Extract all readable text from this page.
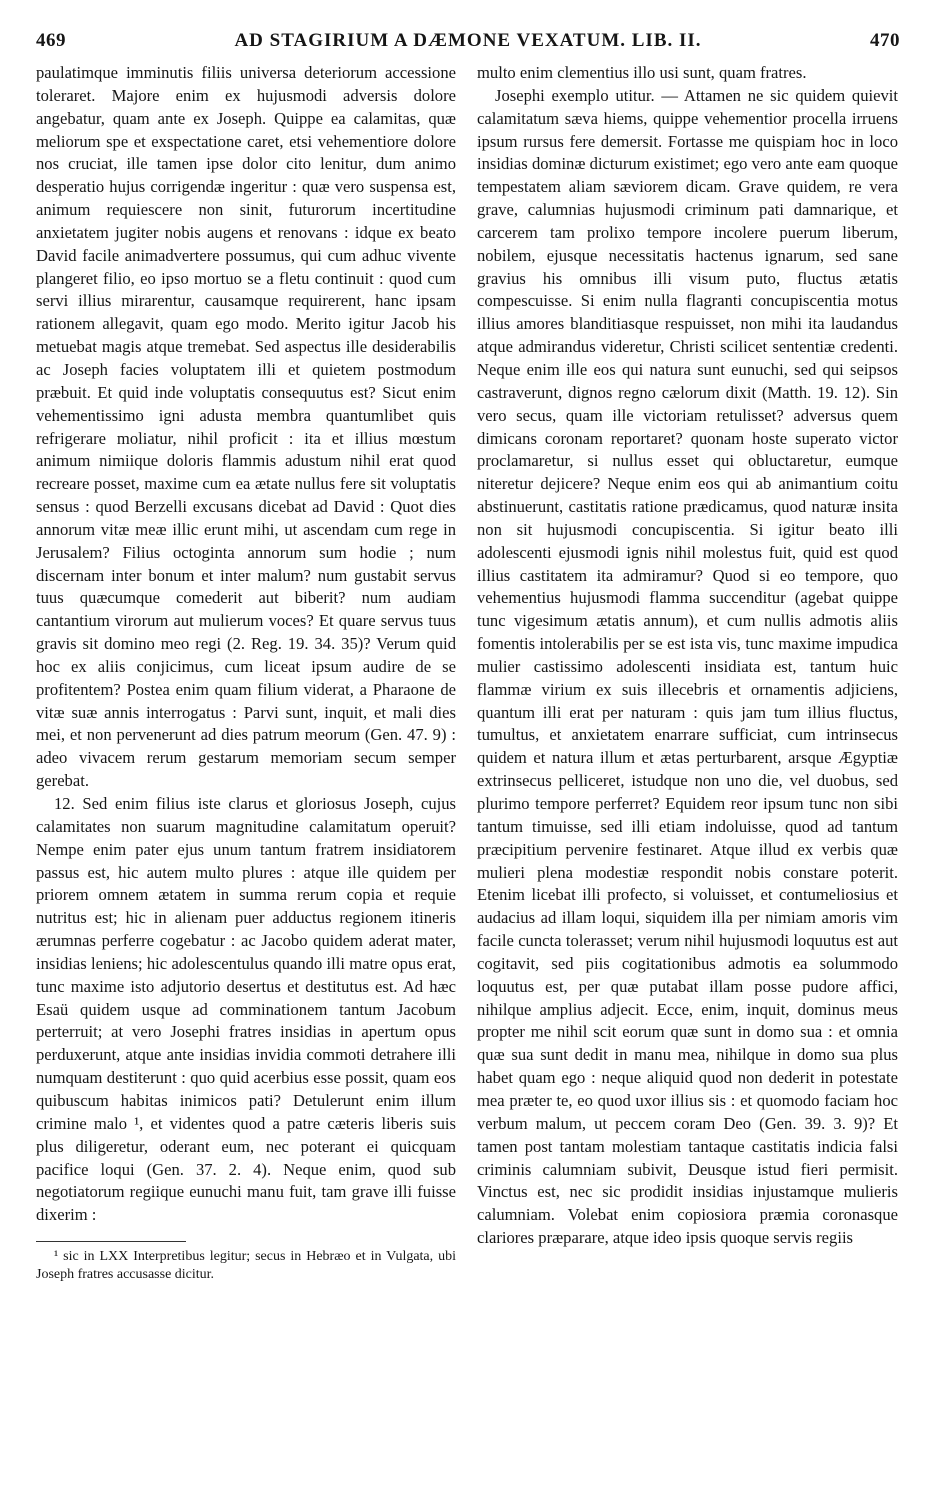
469	AD STAGIRIUM A DÆMONE VEXATUM. LIB. II.	470

paulatimque imminutis filiis universa deteriorum accessione toleraret. Majore enim ex hujusmodi adversis dolore angebatur, quam ante ex Joseph. Quippe ea calamitas, quæ meliorum spe et exspectatione caret, etsi vehementiore dolore nos cruciat, ille tamen ipse dolor cito lenitur, dum animo desperatio hujus corrigendæ ingeritur : quæ vero suspensa est, animum requiescere non sinit, futurorum incertitudine anxietatem jugiter nobis augens et renovans : idque ex beato David facile animadvertere possumus, qui cum adhuc vivente plangeret filio, eo ipso mortuo se a fletu continuit : quod cum servi illius mirarentur, causamque requirerent, hanc ipsam rationem allegavit, quam ego modo. Merito igitur Jacob his metuebat magis atque tremebat. Sed aspectus ille desiderabilis ac Joseph facies voluptatem illi et quietem postmodum præbuit. Et quid inde voluptatis consequutus est? Sicut enim vehementissimo igni adusta membra quantumlibet quis refrigerare moliatur, nihil proficit : ita et illius mœstum animum nimiique doloris flammis adustum nihil erat quod recreare posset, maxime cum ea ætate nullus fere sit voluptatis sensus : quod Berzelli excusans dicebat ad David : Quot dies annorum vitæ meæ illic erunt mihi, ut ascendam cum rege in Jerusalem? Filius octoginta annorum sum hodie ; num discernam inter bonum et inter malum? num gustabit servus tuus quæcumque comederit aut biberit? num audiam cantantium virorum aut mulierum voces? Et quare servus tuus gravis sit domino meo regi (2. Reg. 19. 34. 35)? Verum quid hoc ex aliis conjicimus, cum liceat ipsum audire de se profitentem? Postea enim quam filium viderat, a Pharaone de vitæ suæ annis interrogatus : Parvi sunt, inquit, et mali dies mei, et non pervenerunt ad dies patrum meorum (Gen. 47. 9) : adeo vivacem rerum gestarum memoriam secum semper gerebat.

12. Sed enim filius iste clarus et gloriosus Joseph, cujus calamitates non suarum magnitudine calamitatum operuit? Nempe enim pater ejus unum tantum fratrem insidiatorem passus est, hic autem multo plures : atque ille quidem per priorem omnem ætatem in summa rerum copia et requie nutritus est; hic in alienam puer adductus regionem itineris ærumnas perferre cogebatur : ac Jacobo quidem aderat mater, insidias leniens; hic adolescentulus quando illi matre opus erat, tunc maxime isto adjutorio desertus et destitutus est. Ad hæc Esaü quidem usque ad comminationem tantum Jacobum perterruit; at vero Josephi fratres insidias in apertum opus perduxerunt, atque ante insidias invidia commoti detrahere illi numquam destiterunt : quo quid acerbius esse possit, quam eos quibuscum habitas inimicos pati? Detulerunt enim illum crimine malo ¹, et videntes quod a patre cæteris liberis suis plus diligeretur, oderant eum, nec poterant ei quicquam pacifice loqui (Gen. 37. 2. 4). Neque enim, quod sub negotiatorum regiique eunuchi manu fuit, tam grave illi fuisse dixerim :

¹ sic in LXX Interpretibus legitur; secus in Hebræo et in Vulgata, ubi Joseph fratres accusasse dicitur.

multo enim clementius illo usi sunt, quam fratres.

Josephi exemplo utitur. — Attamen ne sic quidem quievit calamitatum sæva hiems, quippe vehementior procella irruens ipsum rursus fere demersit. Fortasse me quispiam hoc in loco insidias dominæ dicturum existimet; ego vero ante eam quoque tempestatem aliam sæviorem dicam. Grave quidem, re vera grave, calumnias hujusmodi criminum pati damnarique, et carcerem tam prolixo tempore incolere puerum liberum, nobilem, ejusque necessitatis hactenus ignarum, sed sane gravius his omnibus illi visum puto, fluctus ætatis compescuisse. Si enim nulla flagranti concupiscentia motus illius amores blanditiasque respuisset, non mihi ita laudandus atque admirandus videretur, Christi scilicet sententiæ credenti. Neque enim ille eos qui natura sunt eunuchi, sed qui seipsos castraverunt, dignos regno cælorum dixit (Matth. 19. 12). Sin vero secus, quam ille victoriam retulisset? adversus quem dimicans coronam reportaret? quonam hoste superato victor proclamaretur, si nullus esset qui obluctaretur, eumque niteretur dejicere? Neque enim eos qui ab animantium coitu abstinuerunt, castitatis ratione prædicamus, quod naturæ insita non sit hujusmodi concupiscentia. Si igitur beato illi adolescenti ejusmodi ignis nihil molestus fuit, quid est quod illius castitatem ita admiramur? Quod si eo tempore, quo vehementius hujusmodi flamma succenditur (agebat quippe tunc vigesimum ætatis annum), et cum nullis admotis aliis fomentis intolerabilis per se est ista vis, tunc maxime impudica mulier castissimo adolescenti insidiata est, tantum huic flammæ virium ex suis illecebris et ornamentis adjiciens, quantum illi erat per naturam : quis jam tum illius fluctus, tumultus, et anxietatem enarrare sufficiat, cum intrinsecus quidem et natura illum et ætas perturbarent, arsque Ægyptiæ extrinsecus pelliceret, istudque non uno die, vel duobus, sed plurimo tempore perferret? Equidem reor ipsum tunc non sibi tantum timuisse, sed illi etiam indoluisse, quod ad tantum præcipitium pervenire festinaret. Atque illud ex verbis quæ mulieri plena modestiæ respondit nobis constare poterit. Etenim licebat illi profecto, si voluisset, et contumeliosius et audacius ad illam loqui, siquidem illa per nimiam amoris vim facile cuncta tolerasset; verum nihil hujusmodi loquutus est aut cogitavit, sed piis cogitationibus admotis ea solummodo loquutus est, per quæ putabat illam posse pudore affici, nihilque amplius adjecit. Ecce, enim, inquit, dominus meus propter me nihil scit eorum quæ sunt in domo sua : et omnia quæ sua sunt dedit in manu mea, nihilque in domo sua plus habet quam ego : neque aliquid quod non dederit in potestate mea præter te, eo quod uxor illius sis : et quomodo faciam hoc verbum malum, ut peccem coram Deo (Gen. 39. 3. 9)? Et tamen post tantam molestiam tantaque castitatis indicia falsi criminis calumniam subivit, Deusque istud fieri permisit. Vinctus est, nec sic prodidit insidias injustamque mulieris calumniam. Volebat enim copiosiora præmia coronasque clariores præparare, atque ideo ipsis quoque servis regiis
